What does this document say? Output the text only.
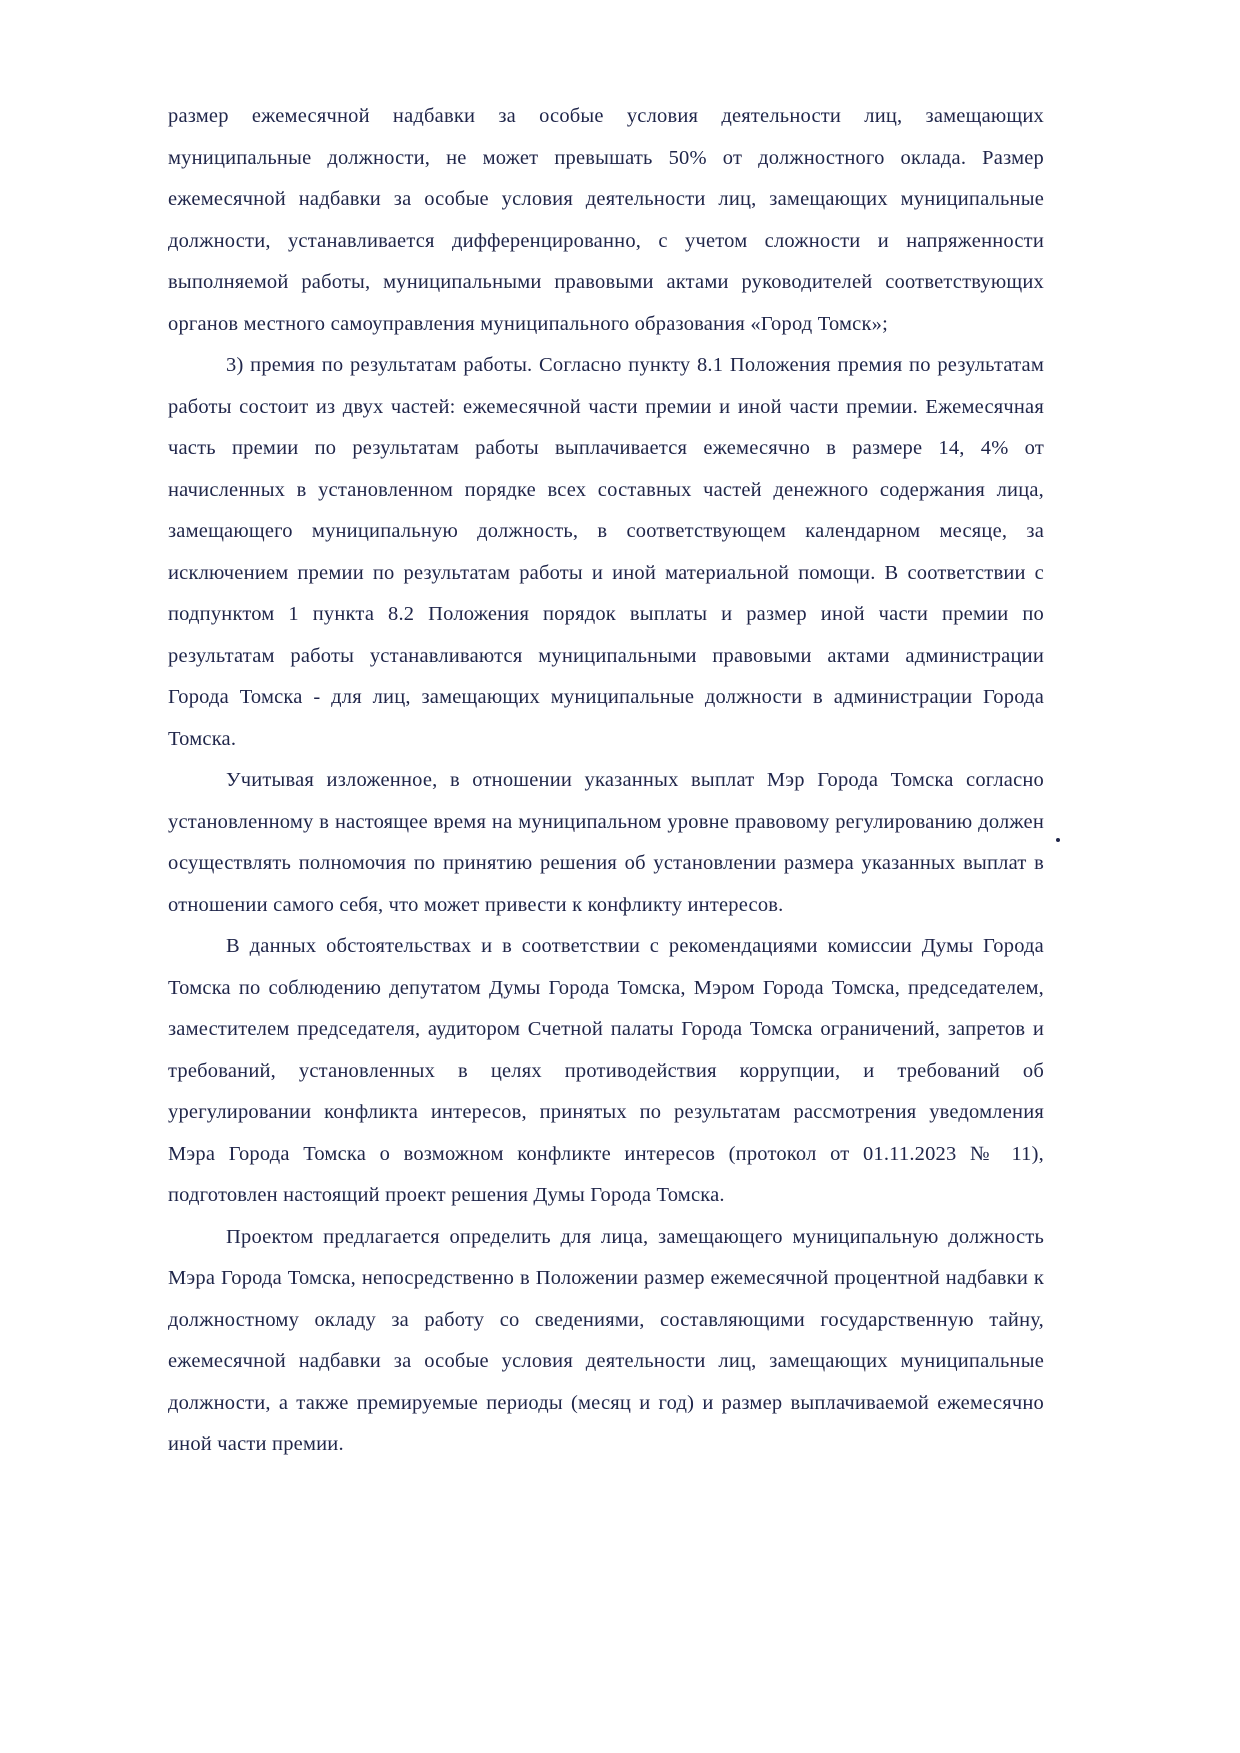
размер ежемесячной надбавки за особые условия деятельности лиц, замещающих муниципальные должности, не может превышать 50% от должностного оклада. Размер ежемесячной надбавки за особые условия деятельности лиц, замещающих муниципальные должности, устанавливается дифференцированно, с учетом сложности и напряженности выполняемой работы, муниципальными правовыми актами руководителей соответствующих органов местного самоуправления муниципального образования «Город Томск»;

3) премия по результатам работы. Согласно пункту 8.1 Положения премия по результатам работы состоит из двух частей: ежемесячной части премии и иной части премии. Ежемесячная часть премии по результатам работы выплачивается ежемесячно в размере 14, 4% от начисленных в установленном порядке всех составных частей денежного содержания лица, замещающего муниципальную должность, в соответствующем календарном месяце, за исключением премии по результатам работы и иной материальной помощи. В соответствии с подпунктом 1 пункта 8.2 Положения порядок выплаты и размер иной части премии по результатам работы устанавливаются муниципальными правовыми актами администрации Города Томска - для лиц, замещающих муниципальные должности в администрации Города Томска.

Учитывая изложенное, в отношении указанных выплат Мэр Города Томска согласно установленному в настоящее время на муниципальном уровне правовому регулированию должен осуществлять полномочия по принятию решения об установлении размера указанных выплат в отношении самого себя, что может привести к конфликту интересов.

В данных обстоятельствах и в соответствии с рекомендациями комиссии Думы Города Томска по соблюдению депутатом Думы Города Томска, Мэром Города Томска, председателем, заместителем председателя, аудитором Счетной палаты Города Томска ограничений, запретов и требований, установленных в целях противодействия коррупции, и требований об урегулировании конфликта интересов, принятых по результатам рассмотрения уведомления Мэра Города Томска о возможном конфликте интересов (протокол от 01.11.2023 № 11), подготовлен настоящий проект решения Думы Города Томска.

Проектом предлагается определить для лица, замещающего муниципальную должность Мэра Города Томска, непосредственно в Положении размер ежемесячной процентной надбавки к должностному окладу за работу со сведениями, составляющими государственную тайну, ежемесячной надбавки за особые условия деятельности лиц, замещающих муниципальные должности, а также премируемые периоды (месяц и год) и размер выплачиваемой ежемесячно иной части премии.
